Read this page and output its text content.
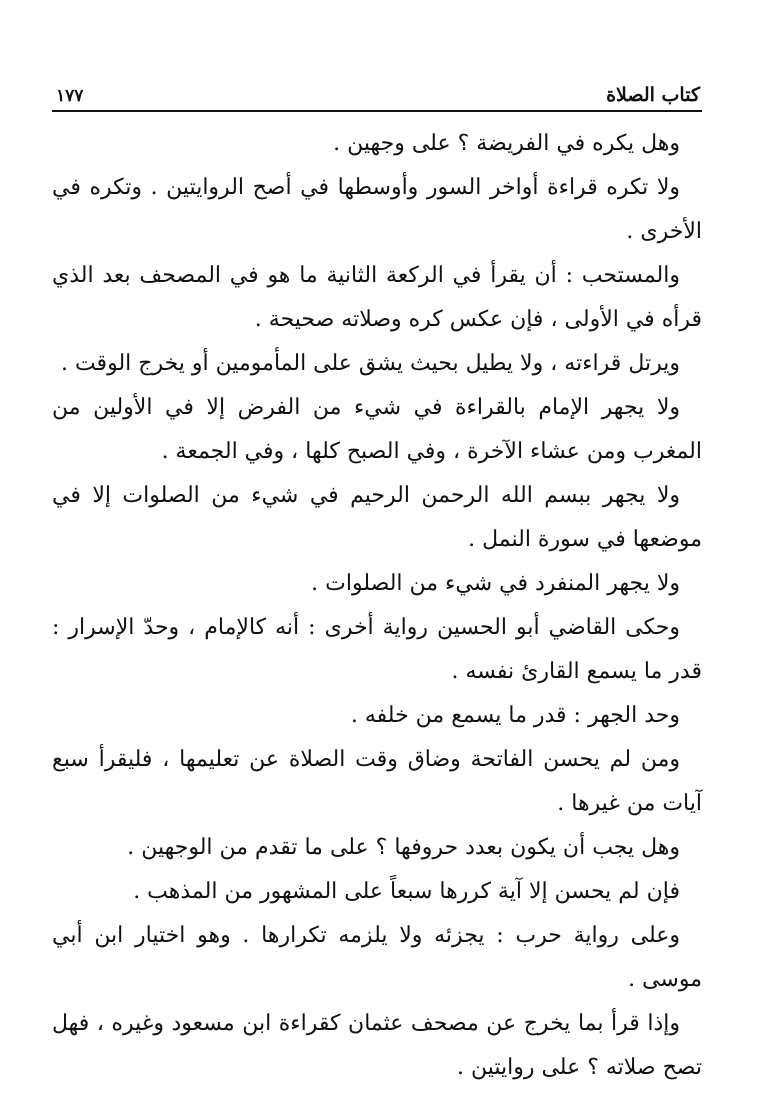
كتاب الصلاة
١٧٧

وهل يكره في الفريضة ؟ على وجهين .

ولا تكره قراءة أواخر السور وأوسطها في أصح الروايتين . وتكره في الأخرى .

والمستحب : أن يقرأ في الركعة الثانية ما هو في المصحف بعد الذي قرأه في الأولى ، فإن عكس كره وصلاته صحيحة .

ويرتل قراءته ، ولا يطيل بحيث يشق على المأمومين أو يخرج الوقت .

ولا يجهر الإمام بالقراءة في شيء من الفرض إلا في الأولين من المغرب ومن عشاء الآخرة ، وفي الصبح كلها ، وفي الجمعة .

ولا يجهر ببسم الله الرحمن الرحيم في شيء من الصلوات إلا في موضعها في سورة النمل .

ولا يجهر المنفرد في شيء من الصلوات .

وحكى القاضي أبو الحسين رواية أخرى : أنه كالإمام ، وحدّ الإسرار : قدر ما يسمع القارئ نفسه .

وحد الجهر : قدر ما يسمع من خلفه .

ومن لم يحسن الفاتحة وضاق وقت الصلاة عن تعليمها ، فليقرأ سبع آيات من غيرها .

وهل يجب أن يكون بعدد حروفها ؟ على ما تقدم من الوجهين .

فإن لم يحسن إلا آية كررها سبعاً على المشهور من المذهب .

وعلى رواية حرب : يجزئه ولا يلزمه تكرارها . وهو اختيار ابن أبي موسى .

وإذا قرأ بما يخرج عن مصحف عثمان كقراءة ابن مسعود وغيره ، فهل تصح صلاته ؟ على روايتين .
